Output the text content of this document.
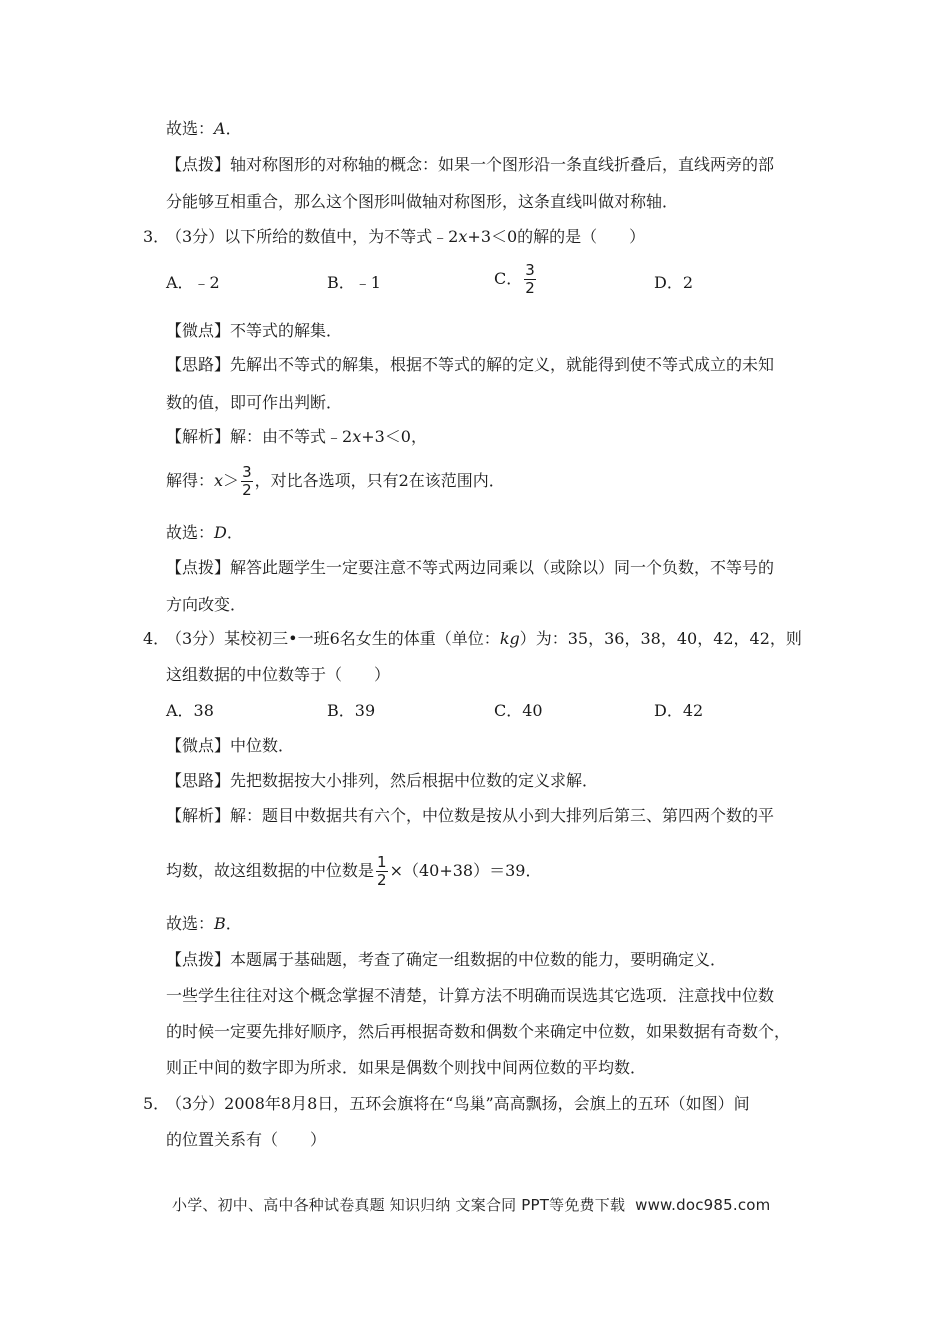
故选：A．
【点拨】轴对称图形的对称轴的概念：如果一个图形沿一条直线折叠后，直线两旁的部
分能够互相重合，那么这个图形叫做轴对称图形，这条直线叫做对称轴．
3．
（3分）以下所给的数值中，为不等式﹣2x+3＜0的解的是（　　）
A．﹣2	B．﹣1	C． $\frac{3}{2}$	D．2
【微点】不等式的解集．
【思路】先解出不等式的解集，根据不等式的解的定义，就能得到使不等式成立的未知
数的值，即可作出判断．
【解析】解：由不等式﹣2x+3＜0，
解得：$x> \frac{3}{2}$ ，对比各选项，只有2在该范围内．
故选：D．
【点拨】解答此题学生一定要注意不等式两边同乘以（或除以）同一个负数，不等号的
方向改变．
4．
（3分）某校初三•一班6名女生的体重（单位：kg）为：35，36，38，40，42，42，则
这组数据的中位数等于（　　）
A．38	B．39	C．40	D．42
【微点】中位数．
【思路】先把数据按大小排列，然后根据中位数的定义求解．
【解析】解：题目中数据共有六个，中位数是按从小到大排列后第三、第四两个数的平
均数，故这组数据的中位数是 $\frac{1}{2} \times(40+38)=39$．
故选：B．
【点拨】本题属于基础题，考查了确定一组数据的中位数的能力，要明确定义．
一些学生往往对这个概念掌握不清楚，计算方法不明确而误选其它选项．注意找中位数
的时候一定要先排好顺序，然后再根据奇数和偶数个来确定中位数，如果数据有奇数个，
则正中间的数字即为所求．如果是偶数个则找中间两位数的平均数．
5．
（3分）2008年8月8日，五环会旗将在“鸟巢”高高飘扬，会旗上的五环（如图）间
的位置关系有（　　）
小学、初中、高中各种试卷真题 知识归纳 文案合同 PPT等免费下载 www.doc985.com
